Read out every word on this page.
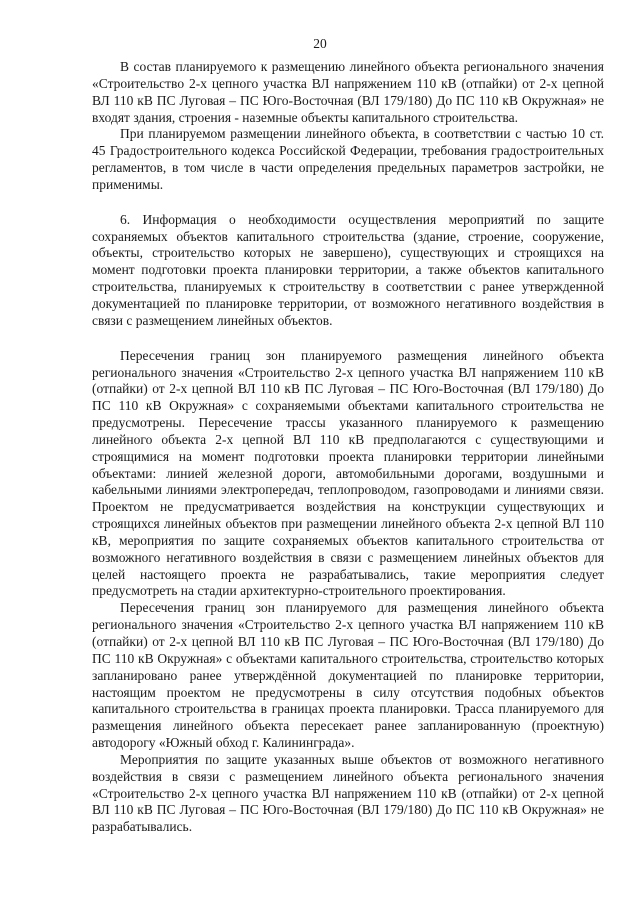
20

В состав планируемого к размещению линейного объекта регионального значения «Строительство 2-х цепного участка ВЛ напряжением 110 кВ (отпайки) от 2-х цепной ВЛ 110 кВ ПС Луговая – ПС Юго-Восточная (ВЛ 179/180) До ПС 110 кВ Окружная» не входят здания, строения - наземные объекты капитального строительства.

При планируемом размещении линейного объекта, в соответствии с частью 10 ст. 45 Градостроительного кодекса Российской Федерации, требования градостроительных регламентов, в том числе в части определения предельных параметров застройки, не применимы.

6. Информация о необходимости осуществления мероприятий по защите сохраняемых объектов капитального строительства (здание, строение, сооружение, объекты, строительство которых не завершено), существующих и строящихся на момент подготовки проекта планировки территории, а также объектов капитального строительства, планируемых к строительству в соответствии с ранее утвержденной документацией по планировке территории, от возможного негативного воздействия в связи с размещением линейных объектов.

Пересечения границ зон планируемого размещения линейного объекта регионального значения «Строительство 2-х цепного участка ВЛ напряжением 110 кВ (отпайки) от 2-х цепной ВЛ 110 кВ ПС Луговая – ПС Юго-Восточная (ВЛ 179/180) До ПС 110 кВ Окружная» с сохраняемыми объектами капитального строительства не предусмотрены. Пересечение трассы указанного планируемого к размещению линейного объекта 2-х цепной ВЛ 110 кВ предполагаются с существующими и строящимися на момент подготовки проекта планировки территории линейными объектами: линией железной дороги, автомобильными дорогами, воздушными и кабельными линиями электропередач, теплопроводом, газопроводами и линиями связи. Проектом не предусматривается воздействия на конструкции существующих и строящихся линейных объектов при размещении линейного объекта 2-х цепной ВЛ 110 кВ, мероприятия по защите сохраняемых объектов капитального строительства от возможного негативного воздействия в связи с размещением линейных объектов для целей настоящего проекта не разрабатывались, такие мероприятия следует предусмотреть на стадии архитектурно-строительного проектирования.

Пересечения границ зон планируемого для размещения линейного объекта регионального значения «Строительство 2-х цепного участка ВЛ напряжением 110 кВ (отпайки) от 2-х цепной ВЛ 110 кВ ПС Луговая – ПС Юго-Восточная (ВЛ 179/180) До ПС 110 кВ Окружная» с объектами капитального строительства, строительство которых запланировано ранее утверждённой документацией по планировке территории, настоящим проектом не предусмотрены в силу отсутствия подобных объектов капитального строительства в границах проекта планировки. Трасса планируемого для размещения линейного объекта пересекает ранее запланированную (проектную) автодорогу «Южный обход г. Калининграда».

Мероприятия по защите указанных выше объектов от возможного негативного воздействия в связи с размещением линейного объекта регионального значения «Строительство 2-х цепного участка ВЛ напряжением 110 кВ (отпайки) от 2-х цепной ВЛ 110 кВ ПС Луговая – ПС Юго-Восточная (ВЛ 179/180) До ПС 110 кВ Окружная» не разрабатывались.
